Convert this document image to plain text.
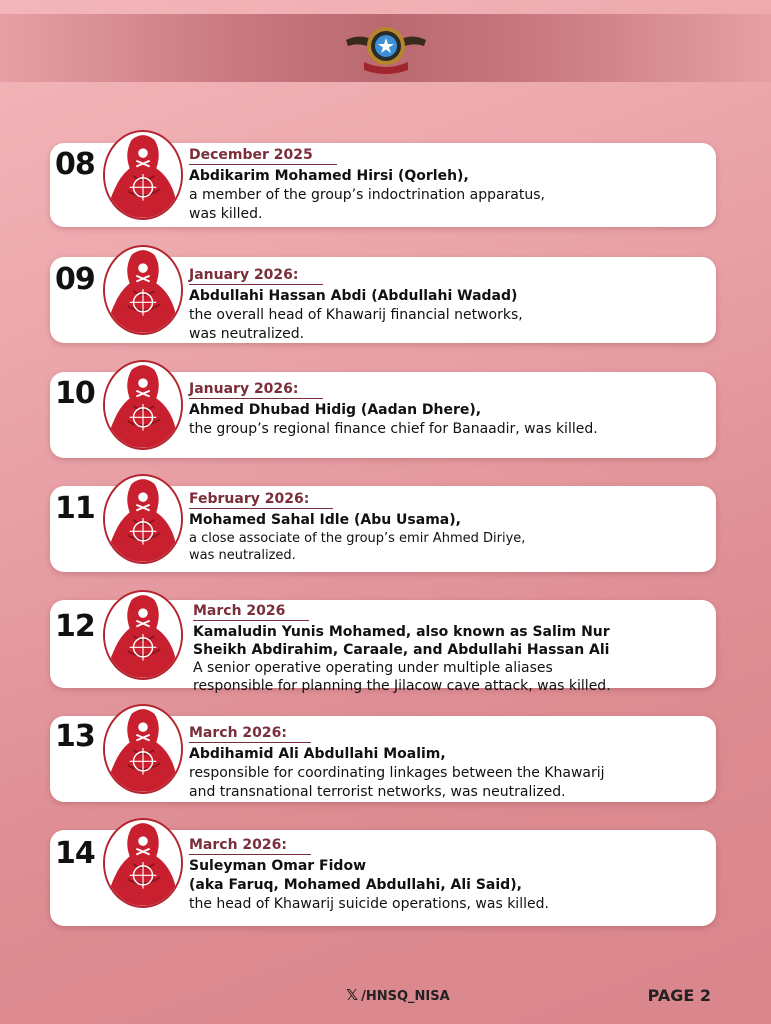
08	December 2025
Abdikarim Mohamed Hirsi (Qorleh),
a member of the group’s indoctrination apparatus,
was killed.
09	January 2026:
Abdullahi Hassan Abdi (Abdullahi Wadad)
the overall head of Khawarij financial networks,
was neutralized.
10	January 2026:
Ahmed Dhubad Hidig (Aadan Dhere),
the group’s regional finance chief for Banaadir, was killed.
11	February 2026:
Mohamed Sahal Idle (Abu Usama),
a close associate of the group’s emir Ahmed Diriye,
was neutralized.
12	March 2026
Kamaludin Yunis Mohamed, also known as Salim Nur
Sheikh Abdirahim, Caraale, and Abdullahi Hassan Ali
A senior operative operating under multiple aliases
responsible for planning the Jilacow cave attack, was killed.
13	March 2026:
Abdihamid Ali Abdullahi Moalim,
responsible for coordinating linkages between the Khawarij
and transnational terrorist networks, was neutralized.
14	March 2026:
Suleyman Omar Fidow
(aka Faruq, Mohamed Abdullahi, Ali Said),
the head of Khawarij suicide operations, was killed.
𝕏 /HNSQ_NISA	PAGE 2
